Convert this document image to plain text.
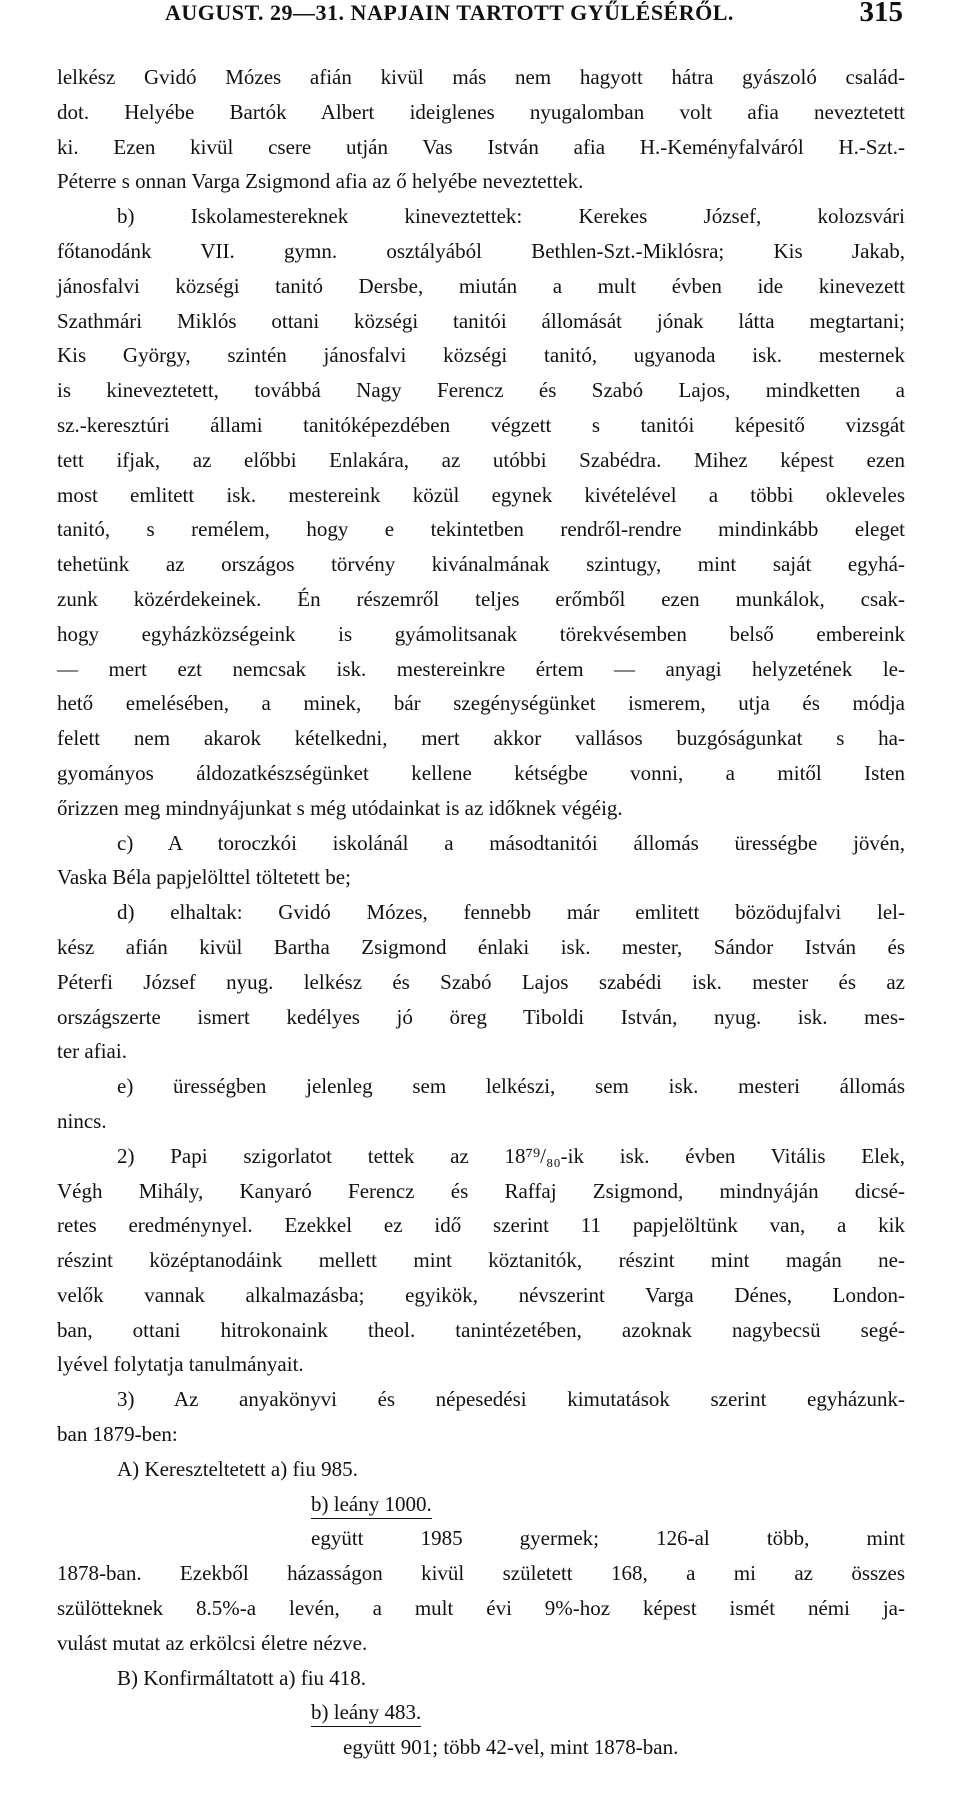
AUGUST. 29—31. NAPJAIN TARTOTT GYŰLÉSÉRŐL.	315
lelkész Gvidó Mózes afián kivül más nem hagyott hátra gyászoló család-
dot. Helyébe Bartók Albert ideiglenes nyugalomban volt afia neveztetett
ki. Ezen kivül csere utján Vas István afia H.-Keményfalváról H.-Szt.-
Péterre s onnan Varga Zsigmond afia az ő helyébe neveztettek.
b) Iskolamestereknek kineveztettek: Kerekes József, kolozsvári
főtanodánk VII. gymn. osztályából Bethlen-Szt.-Miklósra; Kis Jakab,
jánosfalvi községi tanitó Dersbe, miután a mult évben ide kinevezett
Szathmári Miklós ottani községi tanitói állomását jónak látta megtartani;
Kis György, szintén jánosfalvi községi tanitó, ugyanoda isk. mesternek
is kineveztetett, továbbá Nagy Ferencz és Szabó Lajos, mindketten a
sz.-keresztúri állami tanitóképezdében végzett s tanitói képesitő vizsgát
tett ifjak, az előbbi Enlakára, az utóbbi Szabédra. Mihez képest ezen
most emlitett isk. mestereink közül egynek kivételével a többi okleveles
tanitó, s remélem, hogy e tekintetben rendről-rendre mindinkább eleget
tehetünk az országos törvény kivánalmának szintugy, mint saját egyhá-
zunk közérdekeinek. Én részemről teljes erőmből ezen munkálok, csak-
hogy egyházközségeink is gyámolitsanak törekvésemben belső embereink
— mert ezt nemcsak isk. mestereinkre értem — anyagi helyzetének le-
hető emelésében, a minek, bár szegénységünket ismerem, utja és módja
felett nem akarok kételkedni, mert akkor vallásos buzgóságunkat s ha-
gyományos áldozatkészségünket kellene kétségbe vonni, a mitől Isten
őrizzen meg mindnyájunkat s még utódainkat is az időknek végéig.
c) A toroczkói iskolánál a másodtanitói állomás ürességbe jövén,
Vaska Béla papjelölttel töltetett be;
d) elhaltak: Gvidó Mózes, fennebb már emlitett bözödujfalvi lel-
kész afián kivül Bartha Zsigmond énlaki isk. mester, Sándor István és
Péterfi József nyug. lelkész és Szabó Lajos szabédi isk. mester és az
országszerte ismert kedélyes jó öreg Tiboldi István, nyug. isk. mes-
ter afiai.
e) ürességben jelenleg sem lelkészi, sem isk. mesteri állomás
nincs.
2) Papi szigorlatot tettek az 18⁷⁹/₈₀-ik isk. évben Vitális Elek,
Végh Mihály, Kanyaró Ferencz és Raffaj Zsigmond, mindnyáján dicsé-
retes eredménynyel. Ezekkel ez idő szerint 11 papjelöltünk van, a kik
részint középtanodáink mellett mint köztanitók, részint mint magán ne-
velők vannak alkalmazásba; egyikök, névszerint Varga Dénes, London-
ban, ottani hitrokonaink theol. tanintézetében, azoknak nagybecsü segé-
lyével folytatja tanulmányait.
3) Az anyakönyvi és népesedési kimutatások szerint egyházunk-
ban 1879-ben:
A) Kereszteltetett a) fiu 985.
b) leány 1000.
együtt 1985 gyermek; 126-al több, mint
1878-ban. Ezekből házasságon kivül született 168, a mi az összes
szülötteknek 8.5%-a levén, a mult évi 9%-hoz képest ismét némi ja-
vulást mutat az erkölcsi életre nézve.
B) Konfirmáltatott a) fiu 418.
b) leány 483.
együtt 901; több 42-vel, mint 1878-ban.
